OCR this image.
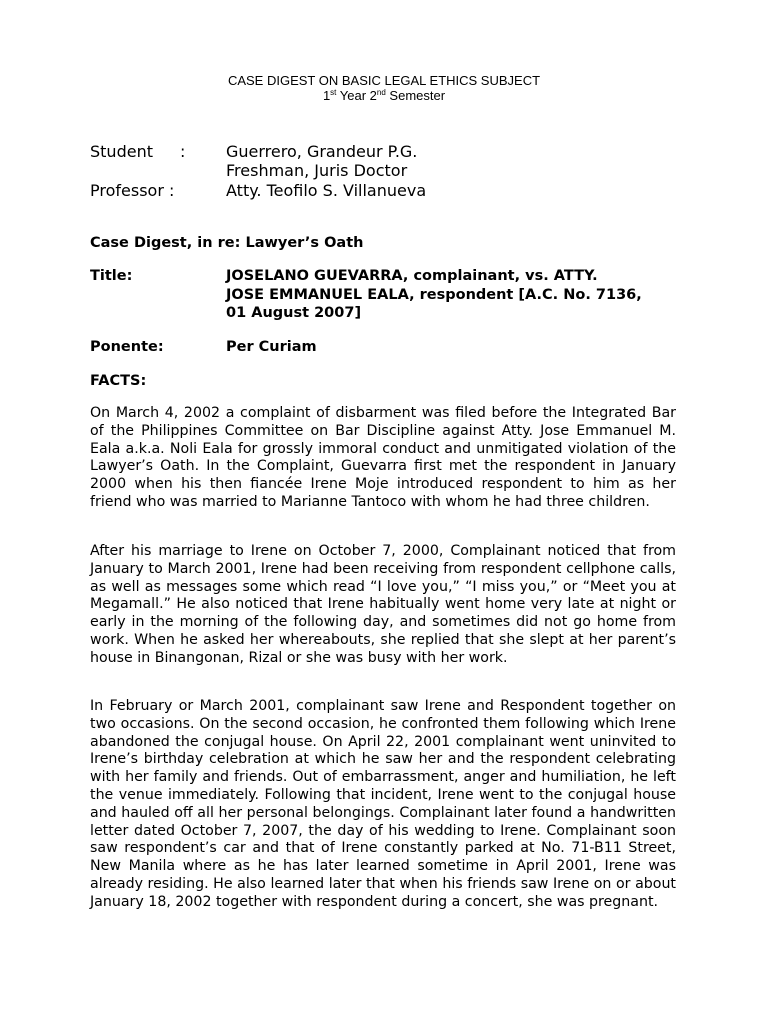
CASE DIGEST ON BASIC LEGAL ETHICS SUBJECT
1st Year 2nd Semester
Student :	Guerrero, Grandeur P.G.
Freshman, Juris Doctor
Professor :	Atty. Teofilo S. Villanueva
Case Digest, in re: Lawyer’s Oath
Title:	JOSELANO GUEVARRA, complainant, vs. ATTY.
JOSE EMMANUEL EALA, respondent [A.C. No. 7136,
01 August 2007]
Ponente:	Per Curiam
FACTS:
On March 4, 2002 a complaint of disbarment was filed before the Integrated Bar of the Philippines Committee on Bar Discipline against Atty. Jose Emmanuel M. Eala a.k.a. Noli Eala for grossly immoral conduct and unmitigated violation of the Lawyer’s Oath. In the Complaint, Guevarra first met the respondent in January 2000 when his then fiancée Irene Moje introduced respondent to him as her friend who was married to Marianne Tantoco with whom he had three children.
After his marriage to Irene on October 7, 2000, Complainant noticed that from January to March 2001, Irene had been receiving from respondent cellphone calls, as well as messages some which read “I love you,” “I miss you,” or “Meet you at Megamall.” He also noticed that Irene habitually went home very late at night or early in the morning of the following day, and sometimes did not go home from work. When he asked her whereabouts, she replied that she slept at her parent’s house in Binangonan, Rizal or she was busy with her work.
In February or March 2001, complainant saw Irene and Respondent together on two occasions. On the second occasion, he confronted them following which Irene abandoned the conjugal house. On April 22, 2001 complainant went uninvited to Irene’s birthday celebration at which he saw her and the respondent celebrating with her family and friends. Out of embarrassment, anger and humiliation, he left the venue immediately. Following that incident, Irene went to the conjugal house and hauled off all her personal belongings. Complainant later found a handwritten letter dated October 7, 2007, the day of his wedding to Irene. Complainant soon saw respondent’s car and that of Irene constantly parked at No. 71-B11 Street, New Manila where as he has later learned sometime in April 2001, Irene was already residing. He also learned later that when his friends saw Irene on or about January 18, 2002 together with respondent during a concert, she was pregnant.
